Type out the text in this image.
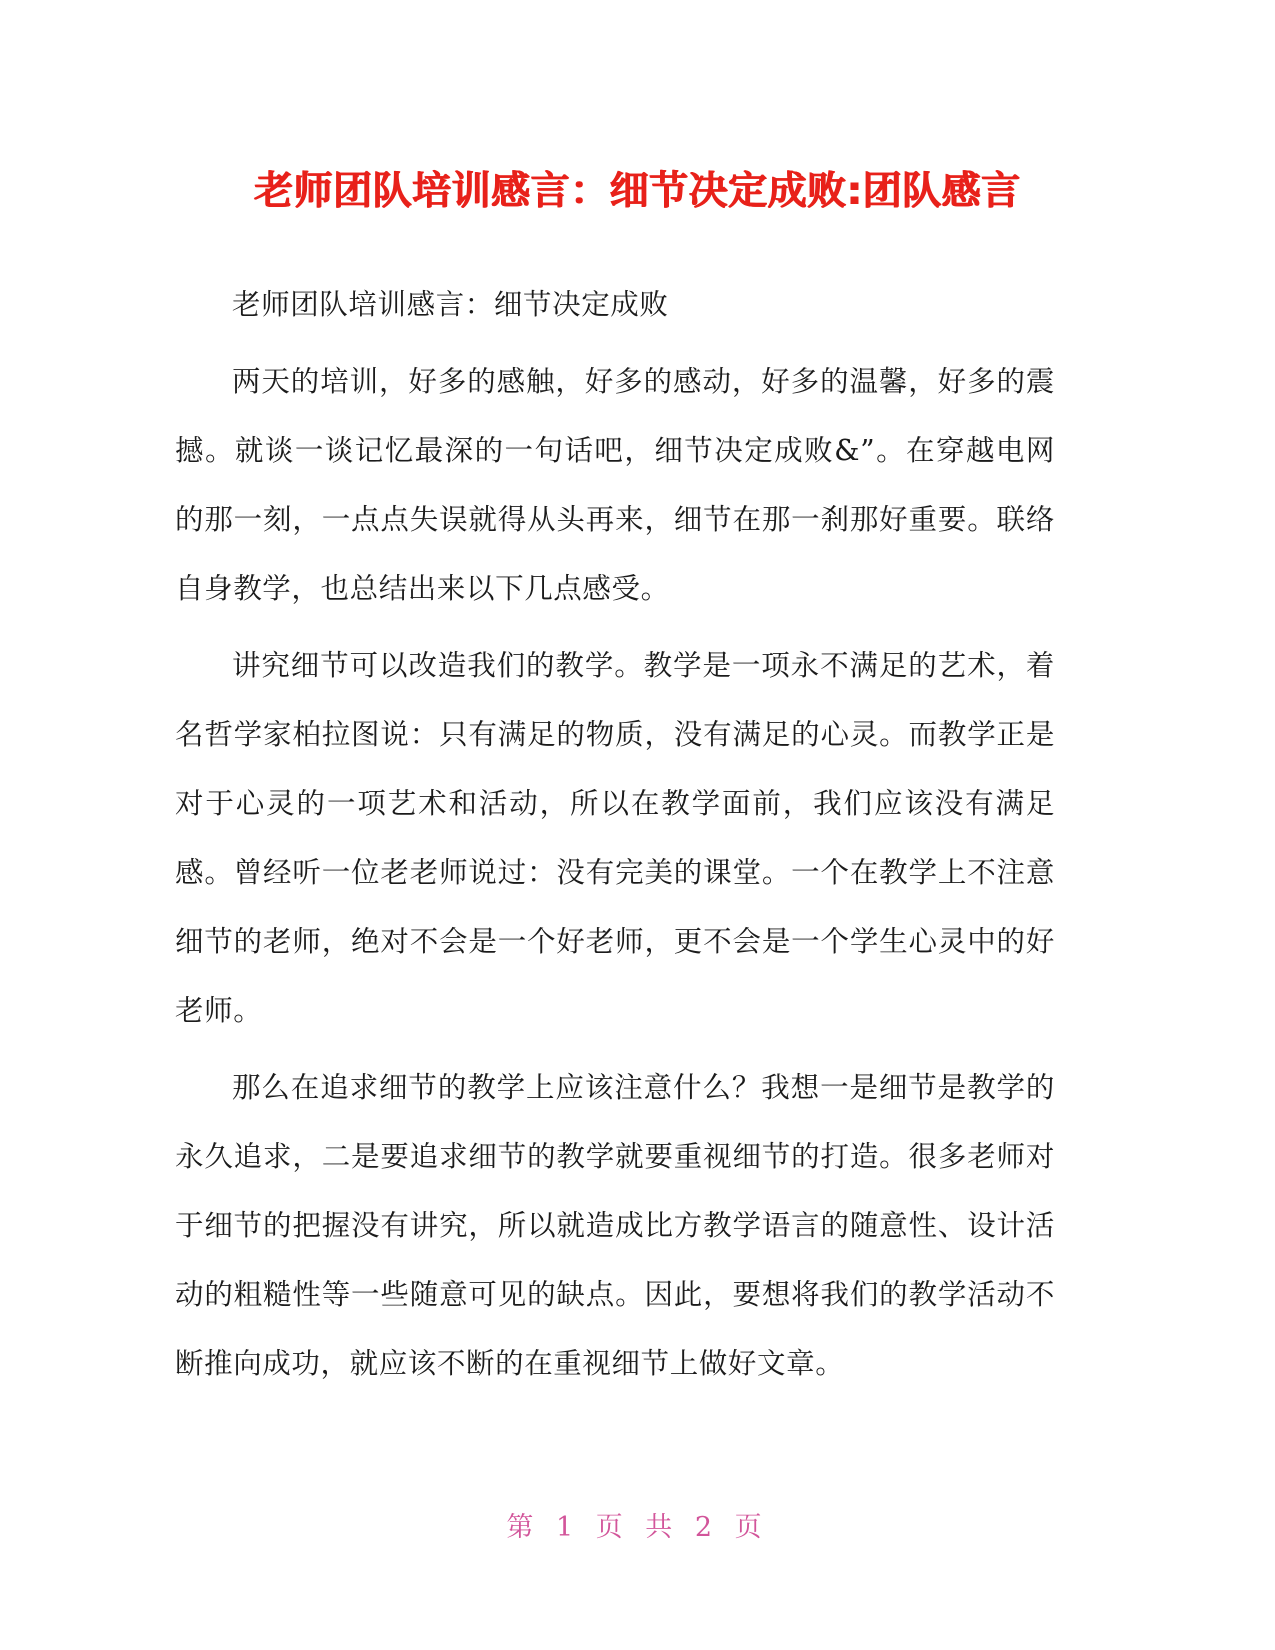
老师团队培训感言：细节决定成败:团队感言

老师团队培训感言：细节决定成败

两天的培训，好多的感触，好多的感动，好多的温馨，好多的震撼。就谈一谈记忆最深的一句话吧，细节决定成败&”。在穿越电网的那一刻，一点点失误就得从头再来，细节在那一刹那好重要。联络自身教学，也总结出来以下几点感受。

讲究细节可以改造我们的教学。教学是一项永不满足的艺术，着名哲学家柏拉图说：只有满足的物质，没有满足的心灵。而教学正是对于心灵的一项艺术和活动，所以在教学面前，我们应该没有满足感。曾经听一位老老师说过：没有完美的课堂。一个在教学上不注意细节的老师，绝对不会是一个好老师，更不会是一个学生心灵中的好老师。

那么在追求细节的教学上应该注意什么？我想一是细节是教学的永久追求，二是要追求细节的教学就要重视细节的打造。很多老师对于细节的把握没有讲究，所以就造成比方教学语言的随意性、设计活动的粗糙性等一些随意可见的缺点。因此，要想将我们的教学活动不断推向成功，就应该不断的在重视细节上做好文章。

第 1 页 共 2 页
